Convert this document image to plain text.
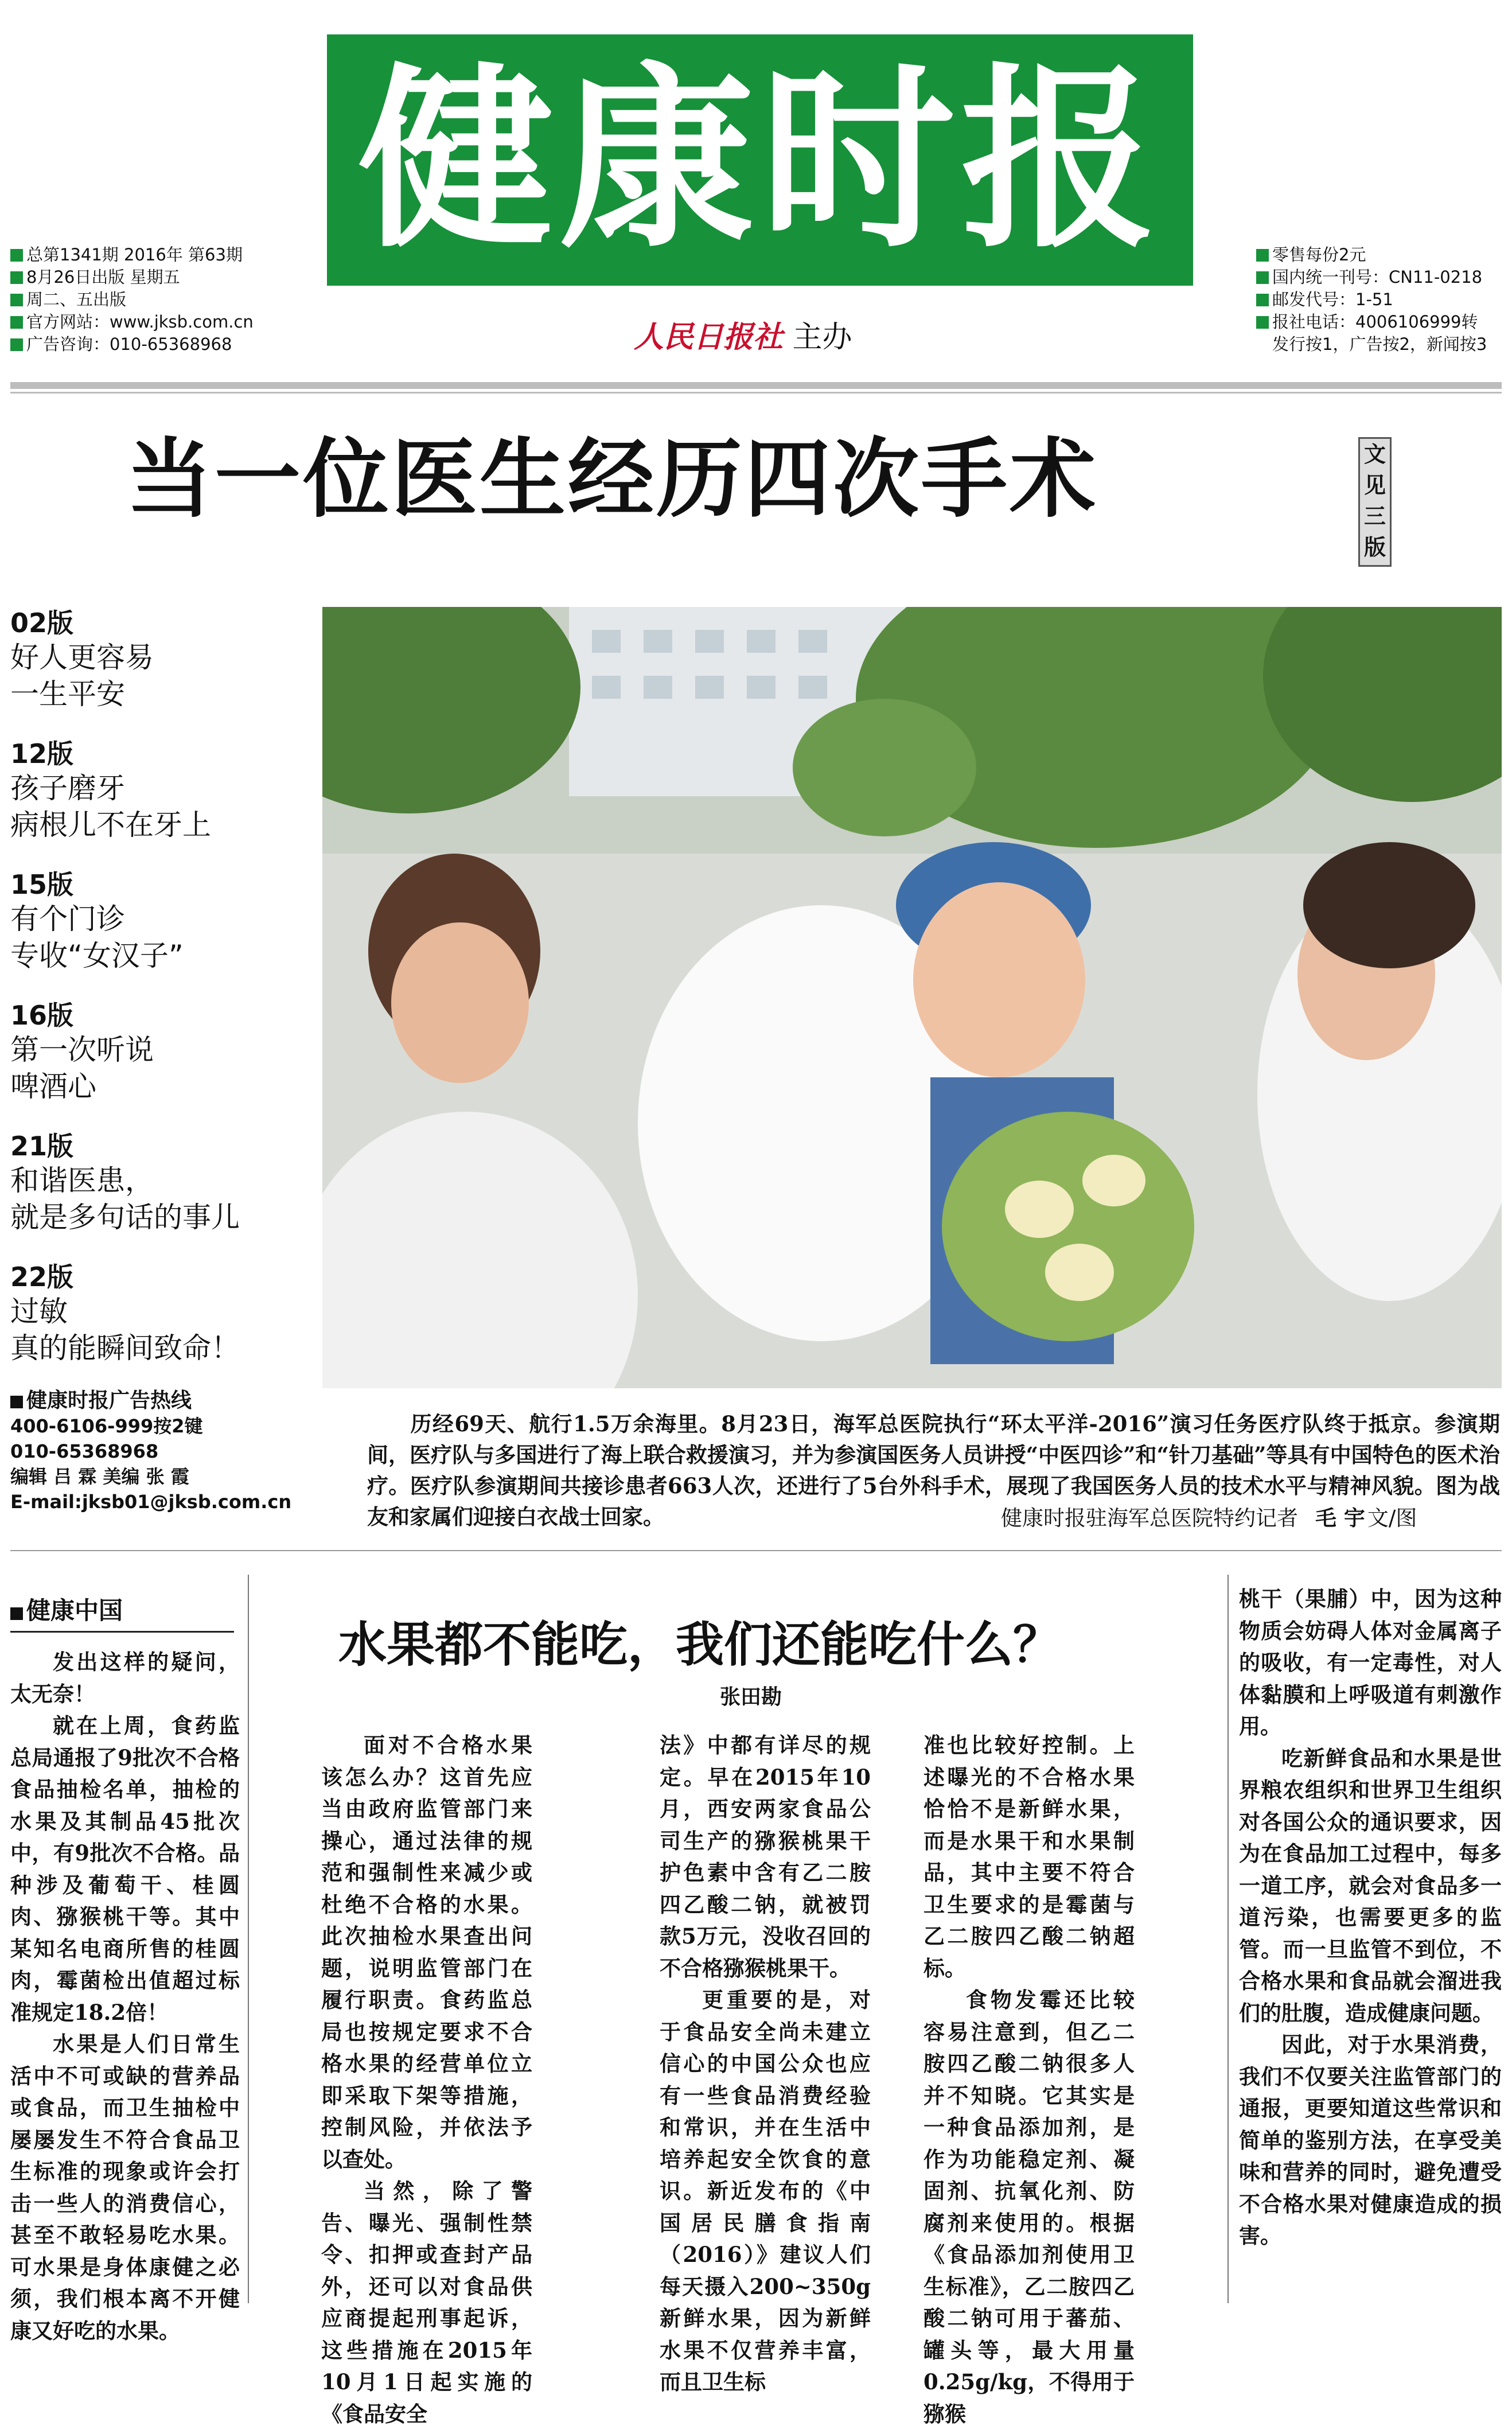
健康时报
总第1341期 2016年 第63期
8月26日出版 星期五
周二、五出版
官方网站：www.jksb.com.cn
广告咨询：010-65368968
零售每份2元
国内统一刊号：CN11-0218
邮发代号：1-51
报社电话：4006106999转
发行按1，广告按2，新闻按3
人民日报社 主办
当一位医生经历四次手术	文
见
三
版
02版
好人更容易
一生平安
12版
孩子磨牙
病根儿不在牙上
15版
有个门诊
专收“女汉子”
16版
第一次听说
啤酒心
21版
和谐医患，
就是多句话的事儿
22版
过敏
真的能瞬间致命！
健康时报广告热线
400-6106-999按2键
010-65368968
编辑 吕 霖 美编 张 霞
E-mail:jksb01@jksb.com.cn
历经69天、航行1.5万余海里。8月23日，海军总医院执行“环太平洋-2016”演习任务医疗队终于抵京。参演期间，医疗队与多国进行了海上联合救援演习，并为参演国医务人员讲授“中医四诊”和“针刀基础”等具有中国特色的医术治疗。医疗队参演期间共接诊患者663人次，还进行了5台外科手术，展现了我国医务人员的技术水平与精神风貌。图为战友和家属们迎接白衣战士回家。	健康时报驻海军总医院特约记者 毛 宇 文/图
健康中国
水果都不能吃，我们还能吃什么？
张田勘

发出这样的疑问，太无奈！

就在上周，食药监总局通报了9批次不合格食品抽检名单，抽检的水果及其制品45批次中，有9批次不合格。品种涉及葡萄干、桂圆肉、猕猴桃干等。其中某知名电商所售的桂圆肉，霉菌检出值超过标准规定18.2倍！

水果是人们日常生活中不可或缺的营养品或食品，而卫生抽检中屡屡发生不符合食品卫生标准的现象或许会打击一些人的消费信心，甚至不敢轻易吃水果。可水果是身体康健之必须，我们根本离不开健康又好吃的水果。

面对不合格水果该怎么办？这首先应当由政府监管部门来操心，通过法律的规范和强制性来减少或杜绝不合格的水果。此次抽检水果查出问题，说明监管部门在履行职责。食药监总局也按规定要求不合格水果的经营单位立即采取下架等措施，控制风险，并依法予以查处。

当然，除了警告、曝光、强制性禁令、扣押或查封产品外，还可以对食品供应商提起刑事起诉，这些措施在2015年10月1日起实施的《食品安全

法》中都有详尽的规定。早在2015年10月，西安两家食品公司生产的猕猴桃果干护色素中含有乙二胺四乙酸二钠，就被罚款5万元，没收召回的不合格猕猴桃果干。

更重要的是，对于食品安全尚未建立信心的中国公众也应有一些食品消费经验和常识，并在生活中培养起安全饮食的意识。新近发布的《中国居民膳食指南（2016）》建议人们每天摄入200~350g新鲜水果，因为新鲜水果不仅营养丰富，而且卫生标

准也比较好控制。上述曝光的不合格水果恰恰不是新鲜水果，而是水果干和水果制品，其中主要不符合卫生要求的是霉菌与乙二胺四乙酸二钠超标。

食物发霉还比较容易注意到，但乙二胺四乙酸二钠很多人并不知晓。它其实是一种食品添加剂，是作为功能稳定剂、凝固剂、抗氧化剂、防腐剂来使用的。根据《食品添加剂使用卫生标准》，乙二胺四乙酸二钠可用于蕃茄、罐头等，最大用量0.25g/kg，不得用于猕猴

桃干（果脯）中，因为这种物质会妨碍人体对金属离子的吸收，有一定毒性，对人体黏膜和上呼吸道有刺激作用。

吃新鲜食品和水果是世界粮农组织和世界卫生组织对各国公众的通识要求，因为在食品加工过程中，每多一道工序，就会对食品多一道污染，也需要更多的监管。而一旦监管不到位，不合格水果和食品就会溜进我们的肚腹，造成健康问题。

因此，对于水果消费，我们不仅要关注监管部门的通报，更要知道这些常识和简单的鉴别方法，在享受美味和营养的同时，避免遭受不合格水果对健康造成的损害。
